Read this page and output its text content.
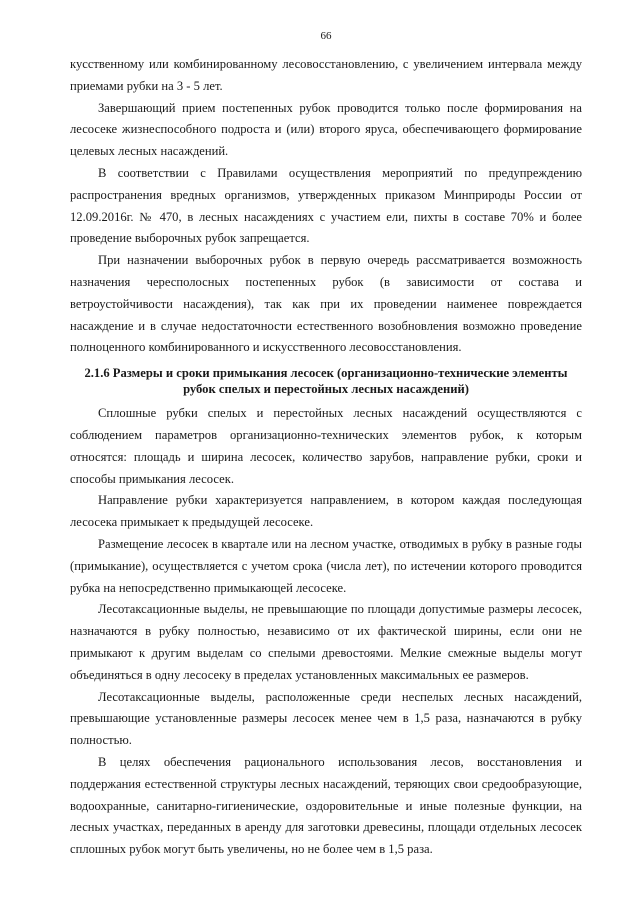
66

кусственному или комбинированному лесовосстановлению, с увеличением интервала между приемами рубки на 3 - 5 лет.

Завершающий прием постепенных рубок проводится только после формирования на лесосеке жизнеспособного подроста и (или) второго яруса, обеспечивающего формирование целевых лесных насаждений.

В соответствии с Правилами осуществления мероприятий по предупреждению распространения вредных организмов, утвержденных приказом Минприроды России от 12.09.2016г. № 470, в лесных насаждениях с участием ели, пихты в составе 70% и более проведение выборочных рубок запрещается.

При назначении выборочных рубок в первую очередь рассматривается возможность назначения чересполосных постепенных рубок (в зависимости от состава и ветроустойчивости насаждения), так как при их проведении наименее повреждается насаждение и в случае недостаточности естественного возобновления возможно проведение полноценного комбинированного и искусственного лесовосстановления.

2.1.6 Размеры и сроки примыкания лесосек (организационно-технические элементы
рубок спелых и перестойных лесных насаждений)

Сплошные рубки спелых и перестойных лесных насаждений осуществляются с соблюдением параметров организационно-технических элементов рубок, к которым относятся: площадь и ширина лесосек, количество зарубов, направление рубки, сроки и способы примыкания лесосек.

Направление рубки характеризуется направлением, в котором каждая последующая лесосека примыкает к предыдущей лесосеке.

Размещение лесосек в квартале или на лесном участке, отводимых в рубку в разные годы (примыкание), осуществляется с учетом срока (числа лет), по истечении которого проводится рубка на непосредственно примыкающей лесосеке.

Лесотаксационные выделы, не превышающие по площади допустимые размеры лесосек, назначаются в рубку полностью, независимо от их фактической ширины, если они не примыкают к другим выделам со спелыми древостоями. Мелкие смежные выделы могут объединяться в одну лесосеку в пределах установленных максимальных ее размеров.

Лесотаксационные выделы, расположенные среди неспелых лесных насаждений, превышающие установленные размеры лесосек менее чем в 1,5 раза, назначаются в рубку полностью.

В целях обеспечения рационального использования лесов, восстановления и поддержания естественной структуры лесных насаждений, теряющих свои средообразующие, водоохранные, санитарно-гигиенические, оздоровительные и иные полезные функции, на лесных участках, переданных в аренду для заготовки древесины, площади отдельных лесосек сплошных рубок могут быть увеличены, но не более чем в 1,5 раза.
